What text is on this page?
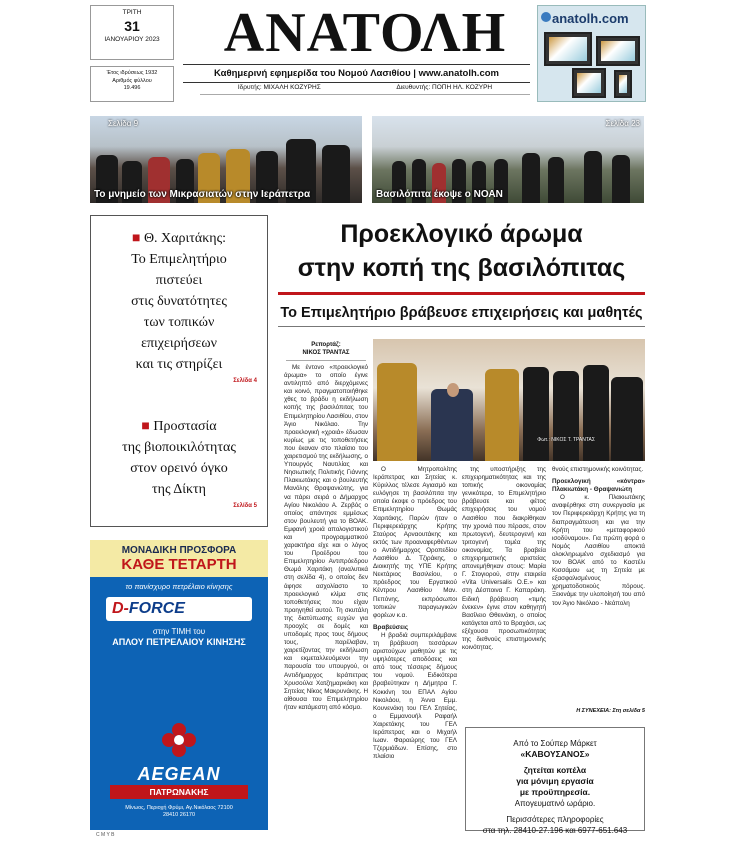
ΤΡΙΤΗ
31
ΙΑΝΟΥΑΡΙΟΥ 2023
Έτος ιδρύσεως 1932
Αριθμός φύλλου
19.496
ΑΝΑΤΟΛΗ
Καθημερινή εφημερίδα του Νομού Λασιθίου | www.anatolh.com
Ιδρυτής: ΜΙΧΑΛΗ ΚΟΖΥΡΗΣ	Διευθυντής: ΠΟΠΗ ΗΛ. ΚΟΖΥΡΗ
anatolh.com
Το μνημείο των Μικρασιατών στην Ιεράπετρα
Σελίδα 9
Βασιλόπιτα έκοψε ο ΝΟΑΝ
Σελίδα 23
■ Θ. Χαριτάκης:
Το Επιμελητήριο
πιστεύει
στις δυνατότητες
των τοπικών
επιχειρήσεων
και τις στηρίζει
Σελίδα 4
■ Προστασία
της βιοποικιλότητας
στον ορεινό όγκο
της Δίκτη
Σελίδα 5
ΜΟΝΑΔΙΚΗ ΠΡΟΣΦΟΡΑ
ΚΑΘΕ ΤΕΤΑΡΤΗ
το πανίσχυρο πετρέλαιο κίνησης
D-FORCE
στην ΤΙΜΗ του
ΑΠΛΟΥ ΠΕΤΡΕΛΑΙΟΥ ΚΙΝΗΣΗΣ
AEGEAN
ΠΑΤΡΩΝΑΚΗΣ
Μίνωος, Περιοχή Φρύμι, Αγ.Νικόλαος 72100
28410 26170
C M Y B
Προεκλογικό άρωμα
στην κοπή της βασιλόπιτας
Το Επιμελητήριο βράβευσε επιχειρήσεις και μαθητές
Ρεπορτάζ:
ΝΙΚΟΣ ΤΡΑΝΤΑΣ

Με έντονο «προεκλογικό άρωμα» το οποίο έγινε αντιληπτό από διερχόμενες και κοινό, πραγματοποιήθηκε χθες το βράδυ η εκδήλωση κοπής της βασιλόπιτας του Επιμελητηρίου Λασιθίου, στον Άγιο Νικόλαο. Την προεκλογική «χροιά» έδωσαν κυρίως με τις τοποθετήσεις που έκαναν στο πλαίσιο του χαιρετισμού της εκδήλωσης, ο Υπουργός Ναυτιλίας και Νησιωτικής Πολιτικής Γιάννης Πλακιωτάκης και ο βουλευτής Μανόλης Θραψανιώτης, για να πάρει σειρά ο Δήμαρχος Αγίου Νικολάου Α. Ζερβός ο οποίος απάντησε εμμέσως στον βουλευτή για το ΒΟΑΚ. Εμφανή χροιά απολογιστικού και προγραμματικού χαρακτήρα είχε και ο λόγος του Προέδρου του Επιμελητηρίου Αντιπρόεδρου Θωμά Χαριτάκη (αναλυτικά στη σελίδα 4), ο οποίος δεν άφησε ασχολίαστο το προεκλογικό κλίμα στις τοποθετήσεις που είχαν προηγηθεί αυτού. Τη σκυτάλη της διατύπωσης ευχών για προοχές σε δομές και υποδομές προς τους δήμους τους, παρέλαβαν, χαιρετίζοντας την εκδήλωση και εκμεταλλευόμενοι την παρουσία του υπουργού, οι Αντιδήμαρχος Ιεράπετρας Χρυσούλα Χατζημαρκάκη και Σητείας Νίκος Μακρυνάκης. Η αίθουσα του Επιμελητηρίου ήταν κατάμεστη από κόσμο.

Φωτ.: ΝΙΚΟΣ Τ. ΤΡΑΝΤΑΣ

Ο Μητροπολίτης Ιεράπετρας και Σητείας κ. Κύριλλος τέλεσε Αγιασμό και ευλόγησε τη βασιλόπιτα την οποία έκοψε ο πρόεδρος του Επιμελητηρίου Θωμάς Χαριτάκης. Παρών ήταν ο Περιφερειάρχης Κρήτης Σταύρος Αρναουτάκης και εκτός των προαναφερθέντων ο Αντιδήμαρχος Οροπεδίου Λασιθίου Δ. Τζιράκης, ο Διοικητής της ΥΠΕ Κρήτης Νεκτάριος Βασιλείου, ο πρόεδρος του Εργατικού Κέντρου Λασιθίου Μαν. Πεπόνης, εκπρόσωποι τοπικών παραγωγικών φορέων κ.α.

Βραβεύσεις

Η βραδιά συμπεριλάμβανε τη βράβευση τεσσάρων αριστούχων μαθητών με τις υψηλότερες αποδόσεις και από τους τέσσερις δήμους του νομού. Ειδικότερα βραβεύτηκαν η Δήμητρα Γ. Κοκκίνη του ΕΠΑΛ Αγίου Νικολάου, η Άννα Εμμ. Κουνενάκη του ΓΕΛ Σητείας, ο Εμμανουήλ Ραφαήλ Χαιρετάκης του ΓΕΛ Ιεράπετρας και ο Μιχαήλ Ιωαν. Φαραώρης του ΓΕΛ Τζερμιάδων. Επίσης, στο πλαίσιο

της υποστήριξης της επιχειρηματικότητας και της τοπικής οικονομίας γενικότερα, το Επιμελητήριο βράβευσε και φέτος επιχειρήσεις του νομού Λασιθίου που διακρίθηκαν την χρονιά που πέρασε, στον πρωτογενή, δευτερογενή και τριτογενή τομέα της οικονομίας. Τα βραβεία επιχειρηματικής αριστείας απονεμήθηκαν στους: Μαρία Γ. Στογιορού, στην εταιρεία «Vita Universalis O.E.» και στη Δέσποινα Γ. Καπαράκη. Ειδική βράβευση «τιμής ένεκεν» έγινε στον καθηγητή Βασίλειο Θθεινάκη, ο οποίος κατάγεται από το Βραχάσι, ως εξέχουσα προσωπικότητας της διεθνούς επιστημονικής κοινότητας.

θνούς επιστημονικής κοινότητας.

Προεκλογική «κόντρα» Πλακιωτάκη - Θραψανιώτη

Ο κ. Πλακιωτάκης αναφέρθηκε στη συνεργασία με τον Περιφερειάρχη Κρήτης για τη διαπραγμάτευση και για την Κρήτη του «μεταφορικού ισοδύναμου». Για πρώτη φορά ο Νομός Λασιθίου αποκτά ολοκληρωμένο σχεδιασμό για τον ΒΟΑΚ από το Καστέλι Κισσάμου ως τη Σητεία με εξασφαλισμένους χρηματοδοτικούς πόρους. Ξεκινάμε την υλοποίησή του από τον Άγιο Νικόλαο - Νεάπολη

Η ΣΥΝΕΧΕΙΑ: Στη σελίδα 5
Από το Σούπερ Μάρκετ
«ΚΑΒΟΥΣΑΝΟΣ»
ζητείται κοπέλα
για μόνιμη εργασία
με προϋπηρεσία.
Απογευματινό ωράριο.
Περισσότερες πληροφορίες
στα τηλ. 28410-27.196 και 6977-651.643
